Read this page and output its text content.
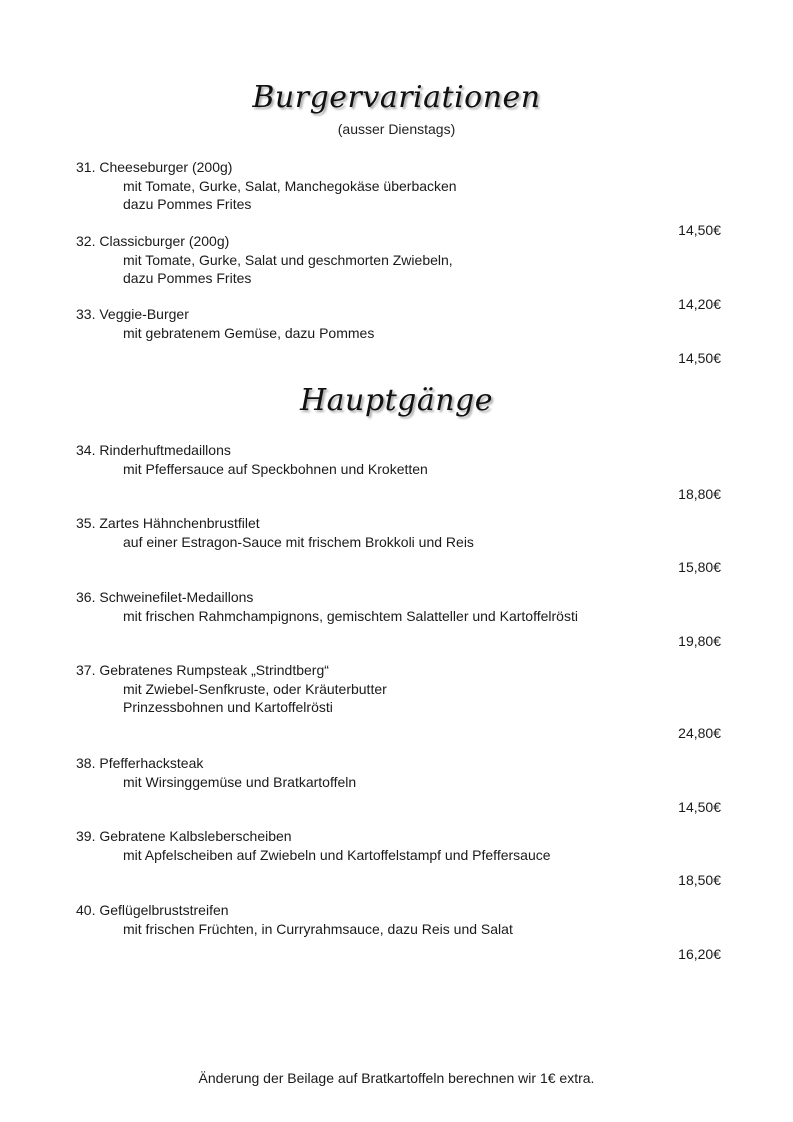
Burgervariationen
(ausser Dienstags)
31. Cheeseburger (200g)
mit Tomate, Gurke, Salat, Manchegokäse überbacken
dazu Pommes Frites
14,50€
32. Classicburger (200g)
mit Tomate, Gurke, Salat und geschmorten Zwiebeln,
dazu Pommes Frites
14,20€
33. Veggie-Burger
mit gebratenem Gemüse, dazu Pommes
14,50€
Hauptgänge
34. Rinderhuftmedaillons
mit Pfeffersauce auf Speckbohnen und Kroketten
18,80€
35. Zartes Hähnchenbrustfilet
auf einer Estragon-Sauce mit frischem Brokkoli und Reis
15,80€
36. Schweinefilet-Medaillons
mit frischen Rahmchampignons, gemischtem Salatteller und Kartoffelrösti
19,80€
37. Gebratenes Rumpsteak „Strindtberg“
mit Zwiebel-Senfkruste, oder Kräuterbutter
Prinzessbohnen und Kartoffelrösti
24,80€
38. Pfefferhacksteak
mit Wirsinggemüse und Bratkartoffeln
14,50€
39. Gebratene Kalbsleberscheiben
mit Apfelscheiben auf Zwiebeln und Kartoffelstampf und Pfeffersauce
18,50€
40. Geflügelbruststreifen
mit frischen Früchten, in Curryrahmsauce, dazu Reis und Salat
16,20€
Änderung der Beilage auf Bratkartoffeln berechnen wir 1€ extra.
